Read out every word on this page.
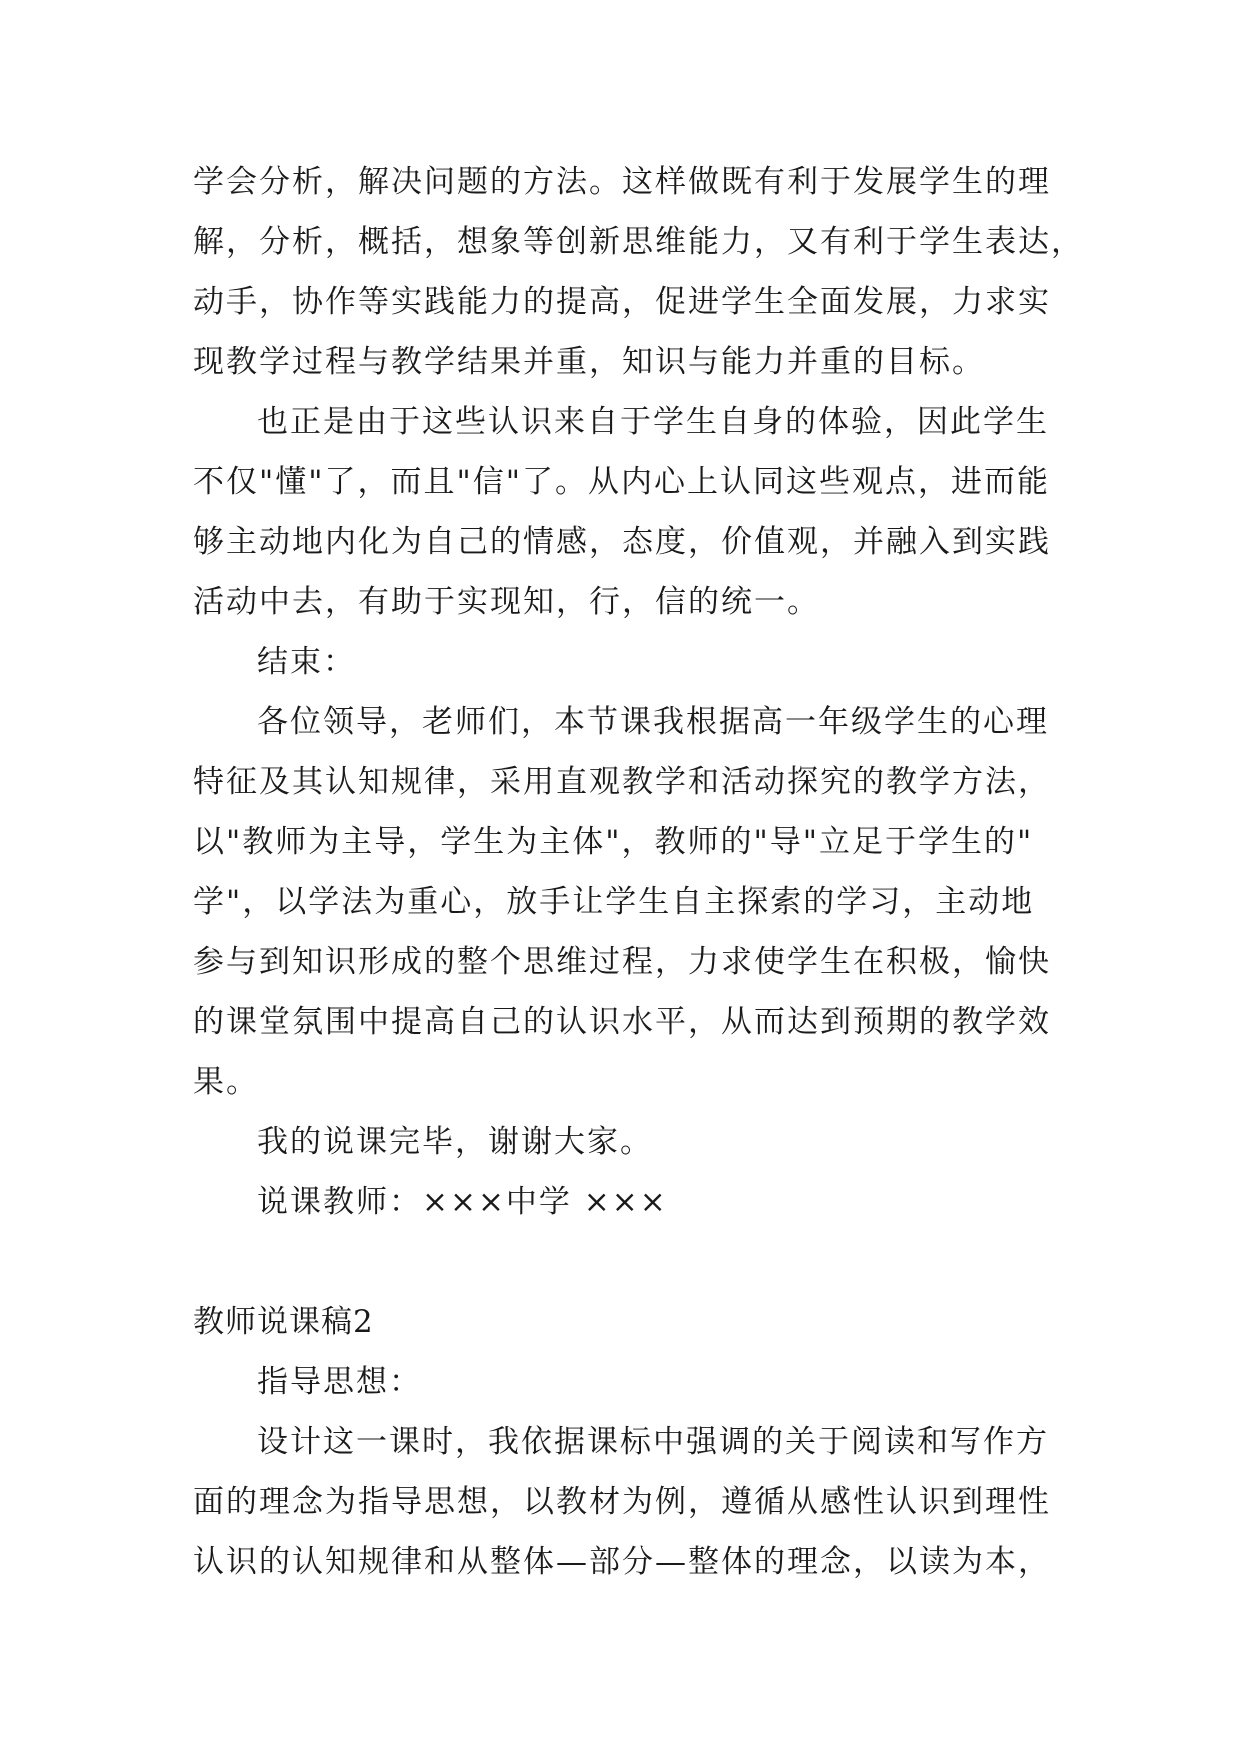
学会分析，解决问题的方法。这样做既有利于发展学生的理
解，分析，概括，想象等创新思维能力，又有利于学生表达，
动手，协作等实践能力的提高，促进学生全面发展，力求实
现教学过程与教学结果并重，知识与能力并重的目标。
也正是由于这些认识来自于学生自身的体验，因此学生
不仅"懂"了，而且"信"了。从内心上认同这些观点，进而能
够主动地内化为自己的情感，态度，价值观，并融入到实践
活动中去，有助于实现知，行，信的统一。
结束：
各位领导，老师们，本节课我根据高一年级学生的心理
特征及其认知规律，采用直观教学和活动探究的教学方法，
以"教师为主导，学生为主体"，教师的"导"立足于学生的"
学"，以学法为重心，放手让学生自主探索的学习，主动地
参与到知识形成的整个思维过程，力求使学生在积极，愉快
的课堂氛围中提高自己的认识水平，从而达到预期的教学效
果。
我的说课完毕，谢谢大家。
说课教师：×××中学 ×××
教师说课稿2
指导思想：
设计这一课时，我依据课标中强调的关于阅读和写作方
面的理念为指导思想，以教材为例，遵循从感性认识到理性
认识的认知规律和从整体—部分—整体的理念，以读为本，
